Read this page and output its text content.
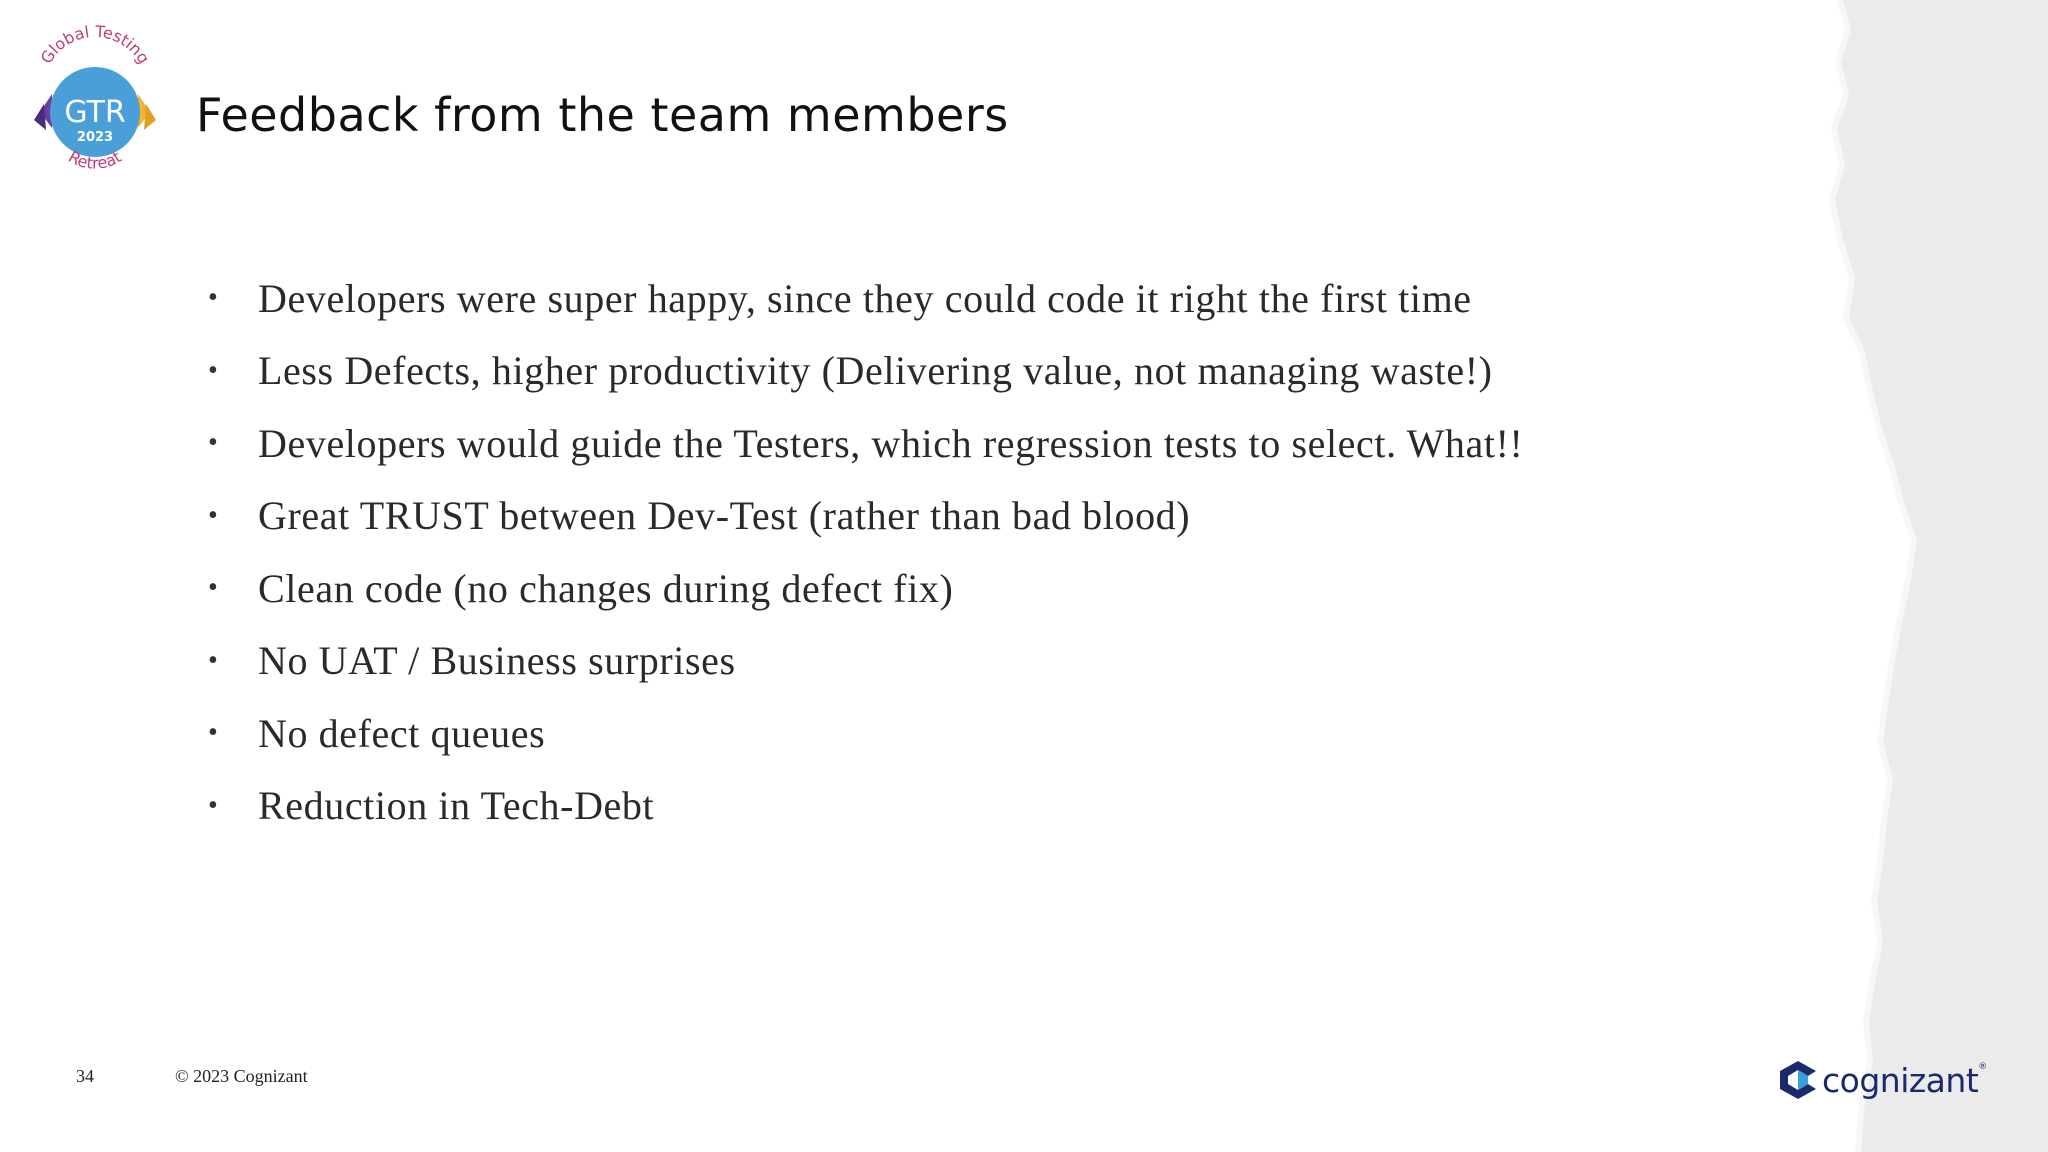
Global Testing
Retreat
GTR
2023 Feedback from the team members
•	Developers were super happy, since they could code it right the first time
•	Less Defects, higher productivity (Delivering value, not managing waste!)
•	Developers would guide the Testers, which regression tests to select. What!!
•	Great TRUST between Dev-Test (rather than bad blood)
•	Clean code (no changes during defect fix)
•	No UAT / Business surprises
•	No defect queues
•	Reduction in Tech-Debt
34	© 2023 Cognizant	cognizant ®
